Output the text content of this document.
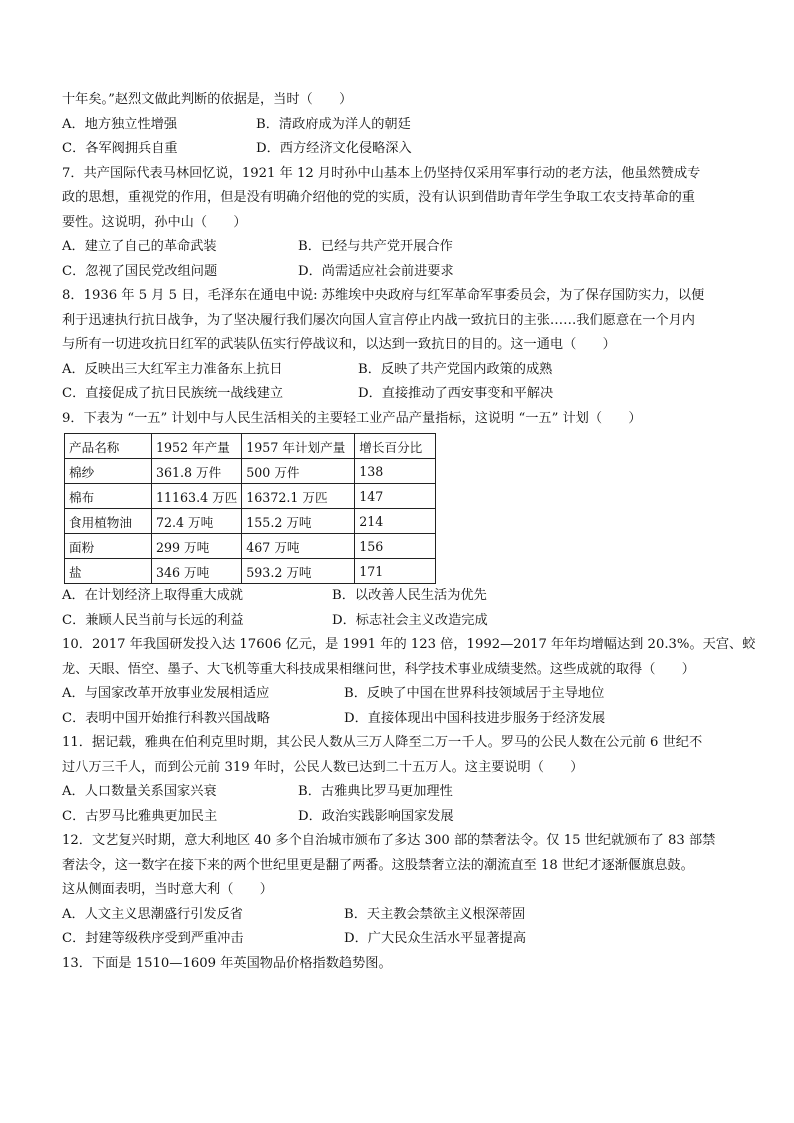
十年矣。”赵烈文做此判断的依据是，当时（　　）
A．地方独立性增强	B．清政府成为洋人的朝廷
C．各军阀拥兵自重	D．西方经济文化侵略深入
7．共产国际代表马林回忆说，1921 年 12 月时孙中山基本上仍坚持仅采用军事行动的老方法，他虽然赞成专
政的思想，重视党的作用，但是没有明确介绍他的党的实质，没有认识到借助青年学生争取工农支持革命的重
要性。这说明，孙中山（　　）
A．建立了自己的革命武装	B．已经与共产党开展合作
C．忽视了国民党改组问题	D．尚需适应社会前进要求
8．1936 年 5 月 5 日，毛泽东在通电中说: 苏维埃中央政府与红军革命军事委员会，为了保存国防实力，以便
利于迅速执行抗日战争，为了坚决履行我们屡次向国人宣言停止内战一致抗日的主张……我们愿意在一个月内
与所有一切进攻抗日红军的武装队伍实行停战议和，以达到一致抗日的目的。这一通电（　　）
A．反映出三大红军主力准备东上抗日	B．反映了共产党国内政策的成熟
C．直接促成了抗日民族统一战线建立	D．直接推动了西安事变和平解决
9．下表为 “一五” 计划中与人民生活相关的主要轻工业产品产量指标，这说明 “一五” 计划（　　）
产品名称	1952 年产量	1957 年计划产量	增长百分比
棉纱	361.8 万件	500 万件	138
棉布	11163.4 万匹	16372.1 万匹	147
食用植物油	72.4 万吨	155.2 万吨	214
面粉	299 万吨	467 万吨	156
盐	346 万吨	593.2 万吨	171
A．在计划经济上取得重大成就	B．以改善人民生活为优先
C．兼顾人民当前与长远的利益	D．标志社会主义改造完成
10．2017 年我国研发投入达 17606 亿元，是 1991 年的 123 倍，1992—2017 年年均增幅达到 20.3%。天宫、蛟
龙、天眼、悟空、墨子、大飞机等重大科技成果相继问世，科学技术事业成绩斐然。这些成就的取得（　　）
A．与国家改革开放事业发展相适应	B．反映了中国在世界科技领域居于主导地位
C．表明中国开始推行科教兴国战略	D．直接体现出中国科技进步服务于经济发展
11．据记载，雅典在伯利克里时期，其公民人数从三万人降至二万一千人。罗马的公民人数在公元前 6 世纪不
过八万三千人，而到公元前 319 年时，公民人数已达到二十五万人。这主要说明（　　）
A．人口数量关系国家兴衰	B．古雅典比罗马更加理性
C．古罗马比雅典更加民主	D．政治实践影响国家发展
12．文艺复兴时期，意大利地区 40 多个自治城市颁布了多达 300 部的禁奢法令。仅 15 世纪就颁布了 83 部禁
奢法令，这一数字在接下来的两个世纪里更是翻了两番。这股禁奢立法的潮流直至 18 世纪才逐渐偃旗息鼓。
这从侧面表明，当时意大利（　　）
A．人文主义思潮盛行引发反省	B．天主教会禁欲主义根深蒂固
C．封建等级秩序受到严重冲击	D．广大民众生活水平显著提高
13．下面是 1510—1609 年英国物品价格指数趋势图。
